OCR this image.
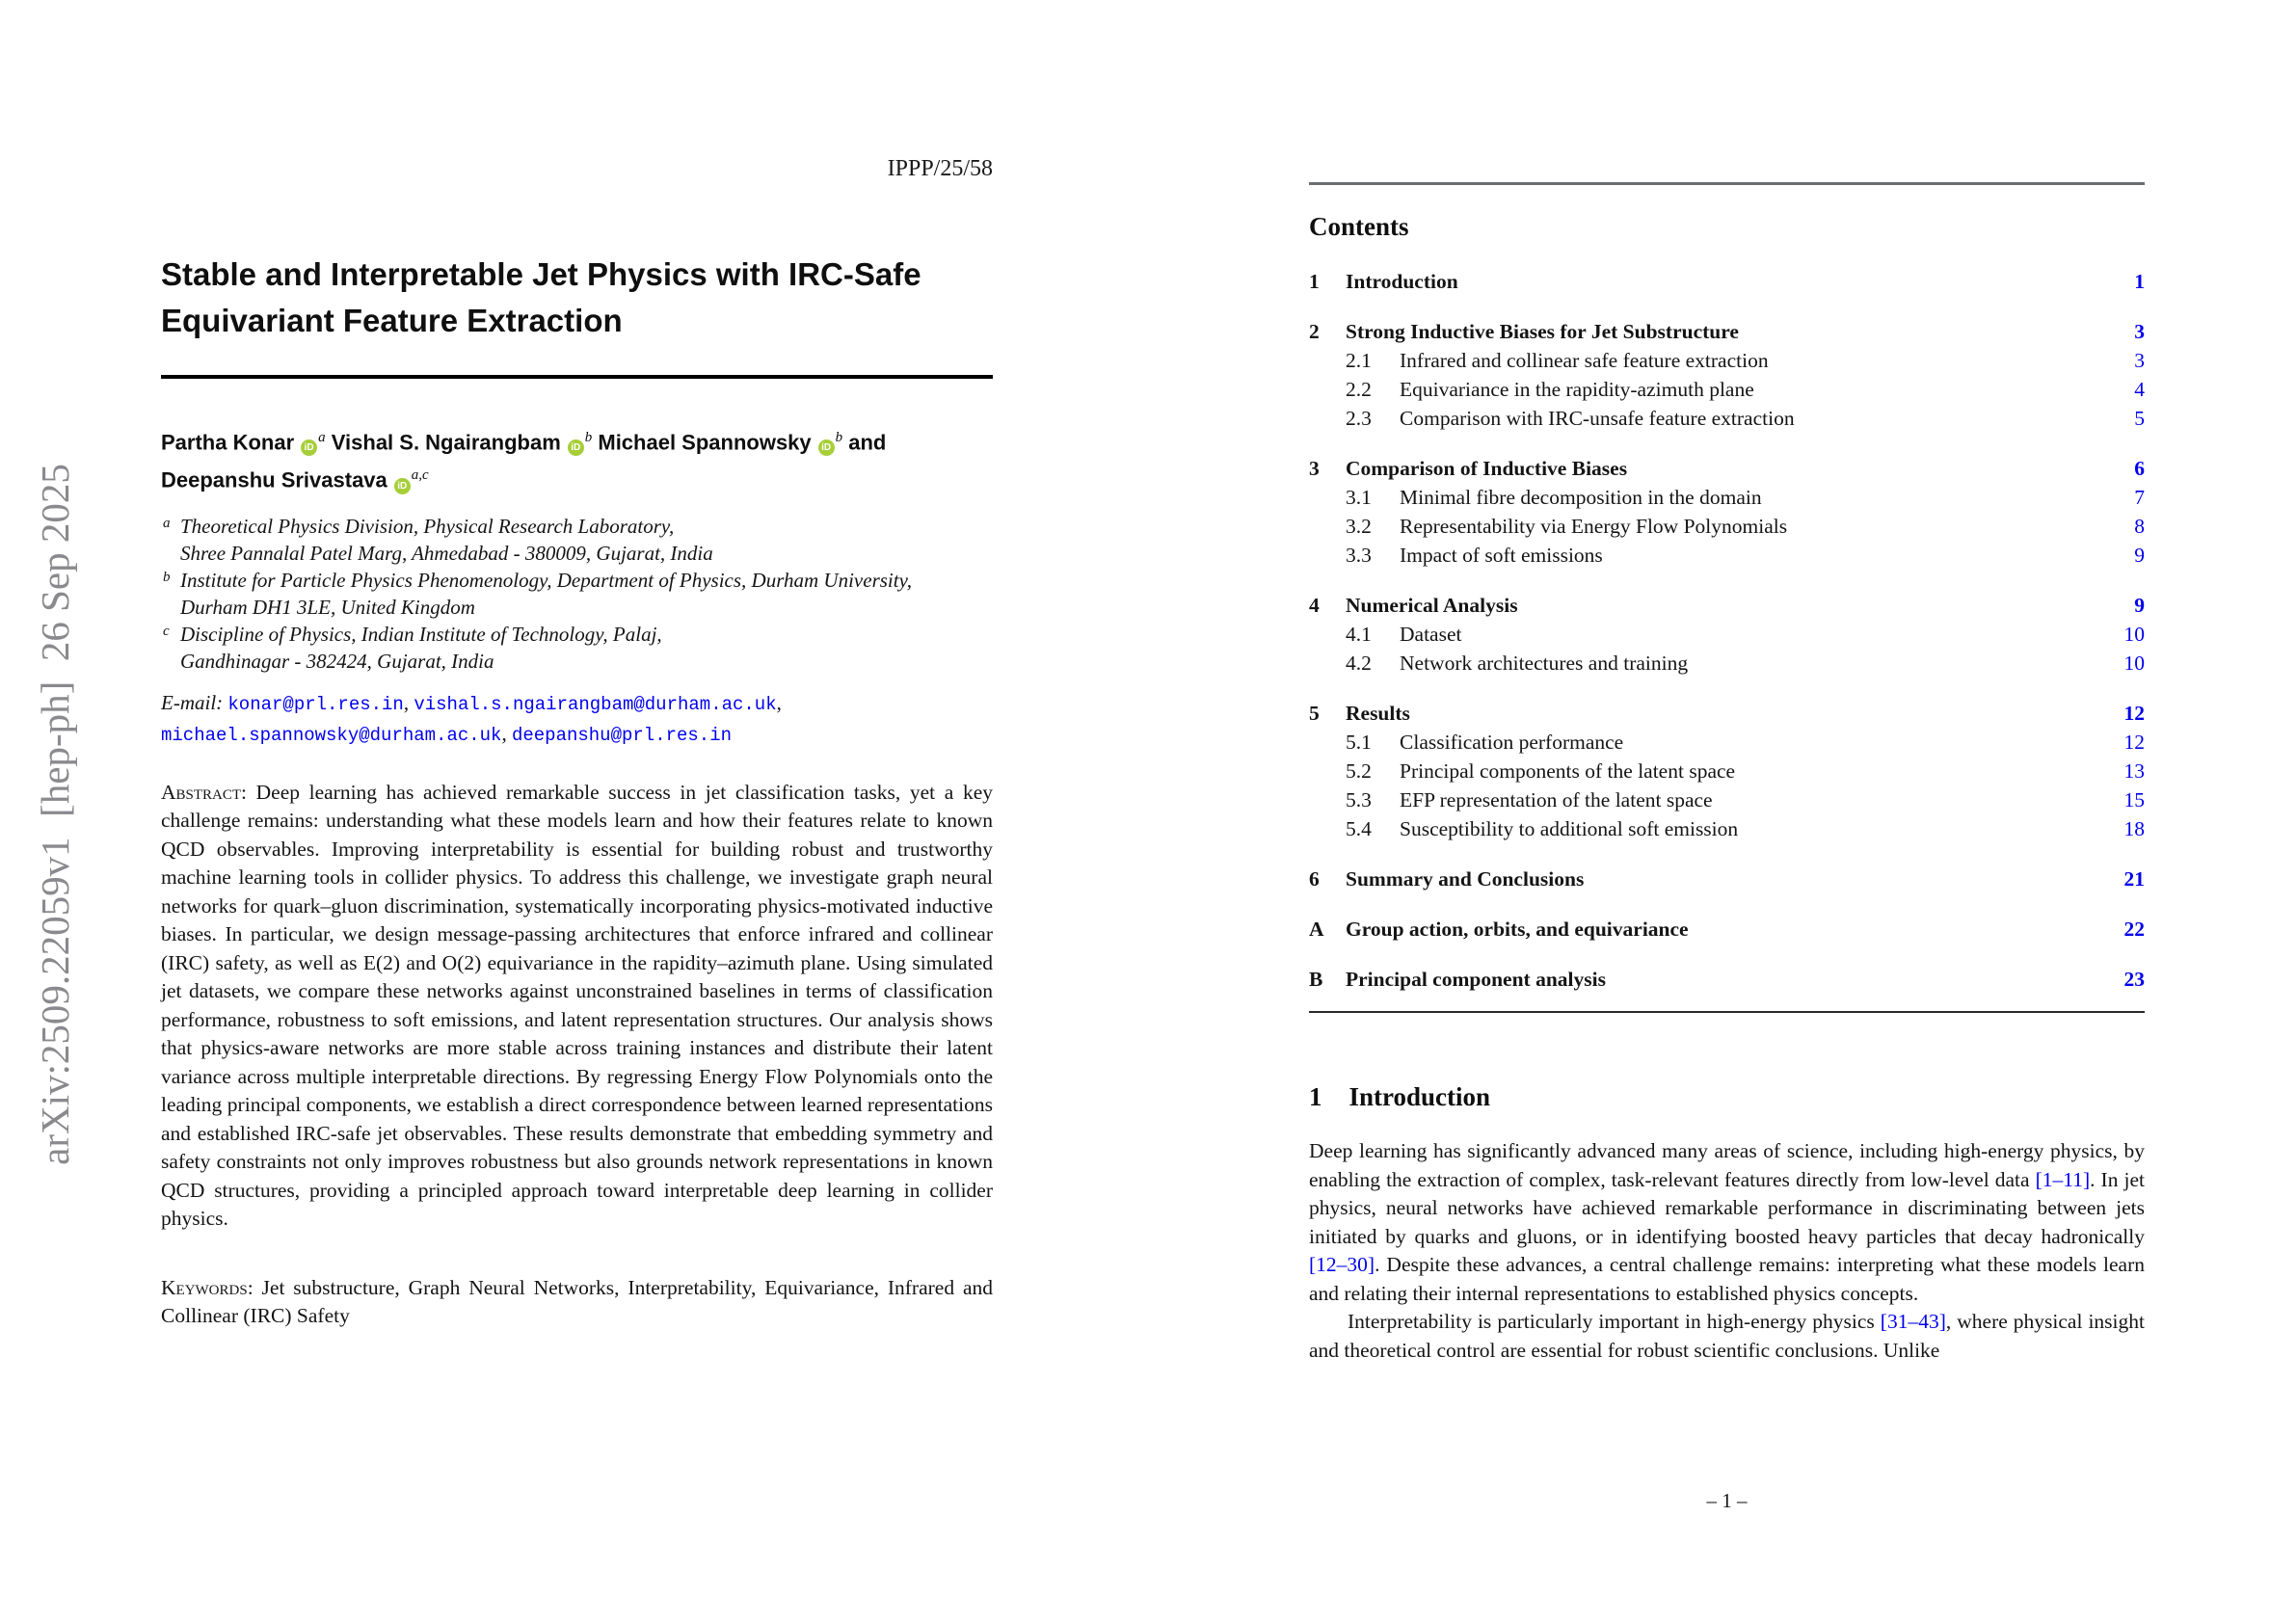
arXiv:2509.22059v1  [hep-ph]  26 Sep 2025
IPPP/25/58
Stable and Interpretable Jet Physics with IRC-Safe
Equivariant Feature Extraction
Partha Konar $iD^a$ Vishal S. Ngairangbam $iD^b$ Michael Spannowsky $iD^b$ and Deepanshu Srivastava iD$^{a,c}$
a Theoretical Physics Division, Physical Research Laboratory,
Shree Pannalal Patel Marg, Ahmedabad - 380009, Gujarat, India
b Institute for Particle Physics Phenomenology, Department of Physics, Durham University,
Durham DH1 3LE, United Kingdom
c Discipline of Physics, Indian Institute of Technology, Palaj,
Gandhinagar - 382424, Gujarat, India
E-mail: konar@prl.res.in, vishal.s.ngairangbam@durham.ac.uk, michael.spannowsky@durham.ac.uk, deepanshu@prl.res.in
Abstract: Deep learning has achieved remarkable success in jet classification tasks, yet a key challenge remains: understanding what these models learn and how their features relate to known QCD observables. Improving interpretability is essential for building robust and trustworthy machine learning tools in collider physics. To address this challenge, we investigate graph neural networks for quark–gluon discrimination, systematically incorporating physics-motivated inductive biases. In particular, we design message-passing architectures that enforce infrared and collinear (IRC) safety, as well as E(2) and O(2) equivariance in the rapidity–azimuth plane. Using simulated jet datasets, we compare these networks against unconstrained baselines in terms of classification performance, robustness to soft emissions, and latent representation structures. Our analysis shows that physics-aware networks are more stable across training instances and distribute their latent variance across multiple interpretable directions. By regressing Energy Flow Polynomials onto the leading principal components, we establish a direct correspondence between learned representations and established IRC-safe jet observables. These results demonstrate that embedding symmetry and safety constraints not only improves robustness but also grounds network representations in known QCD structures, providing a principled approach toward interpretable deep learning in collider physics.
Keywords: Jet substructure, Graph Neural Networks, Interpretability, Equivariance, Infrared and Collinear (IRC) Safety
Contents
1	Introduction	1
2	Strong Inductive Biases for Jet Substructure	3
2.1	Infrared and collinear safe feature extraction	3
2.2	Equivariance in the rapidity-azimuth plane	4
2.3	Comparison with IRC-unsafe feature extraction	5
3	Comparison of Inductive Biases	6
3.1	Minimal fibre decomposition in the domain	7
3.2	Representability via Energy Flow Polynomials	8
3.3	Impact of soft emissions	9
4	Numerical Analysis	9
4.1	Dataset	10
4.2	Network architectures and training	10
5	Results	12
5.1	Classification performance	12
5.2	Principal components of the latent space	13
5.3	EFP representation of the latent space	15
5.4	Susceptibility to additional soft emission	18
6	Summary and Conclusions	21
A	Group action, orbits, and equivariance	22
B	Principal component analysis	23
1 Introduction

Deep learning has significantly advanced many areas of science, including high-energy physics, by enabling the extraction of complex, task-relevant features directly from low-level data [1–11]. In jet physics, neural networks have achieved remarkable performance in discriminating between jets initiated by quarks and gluons, or in identifying boosted heavy particles that decay hadronically [12–30]. Despite these advances, a central challenge remains: interpreting what these models learn and relating their internal representations to established physics concepts.

Interpretability is particularly important in high-energy physics [31–43], where physical insight and theoretical control are essential for robust scientific conclusions. Unlike

– 1 –
